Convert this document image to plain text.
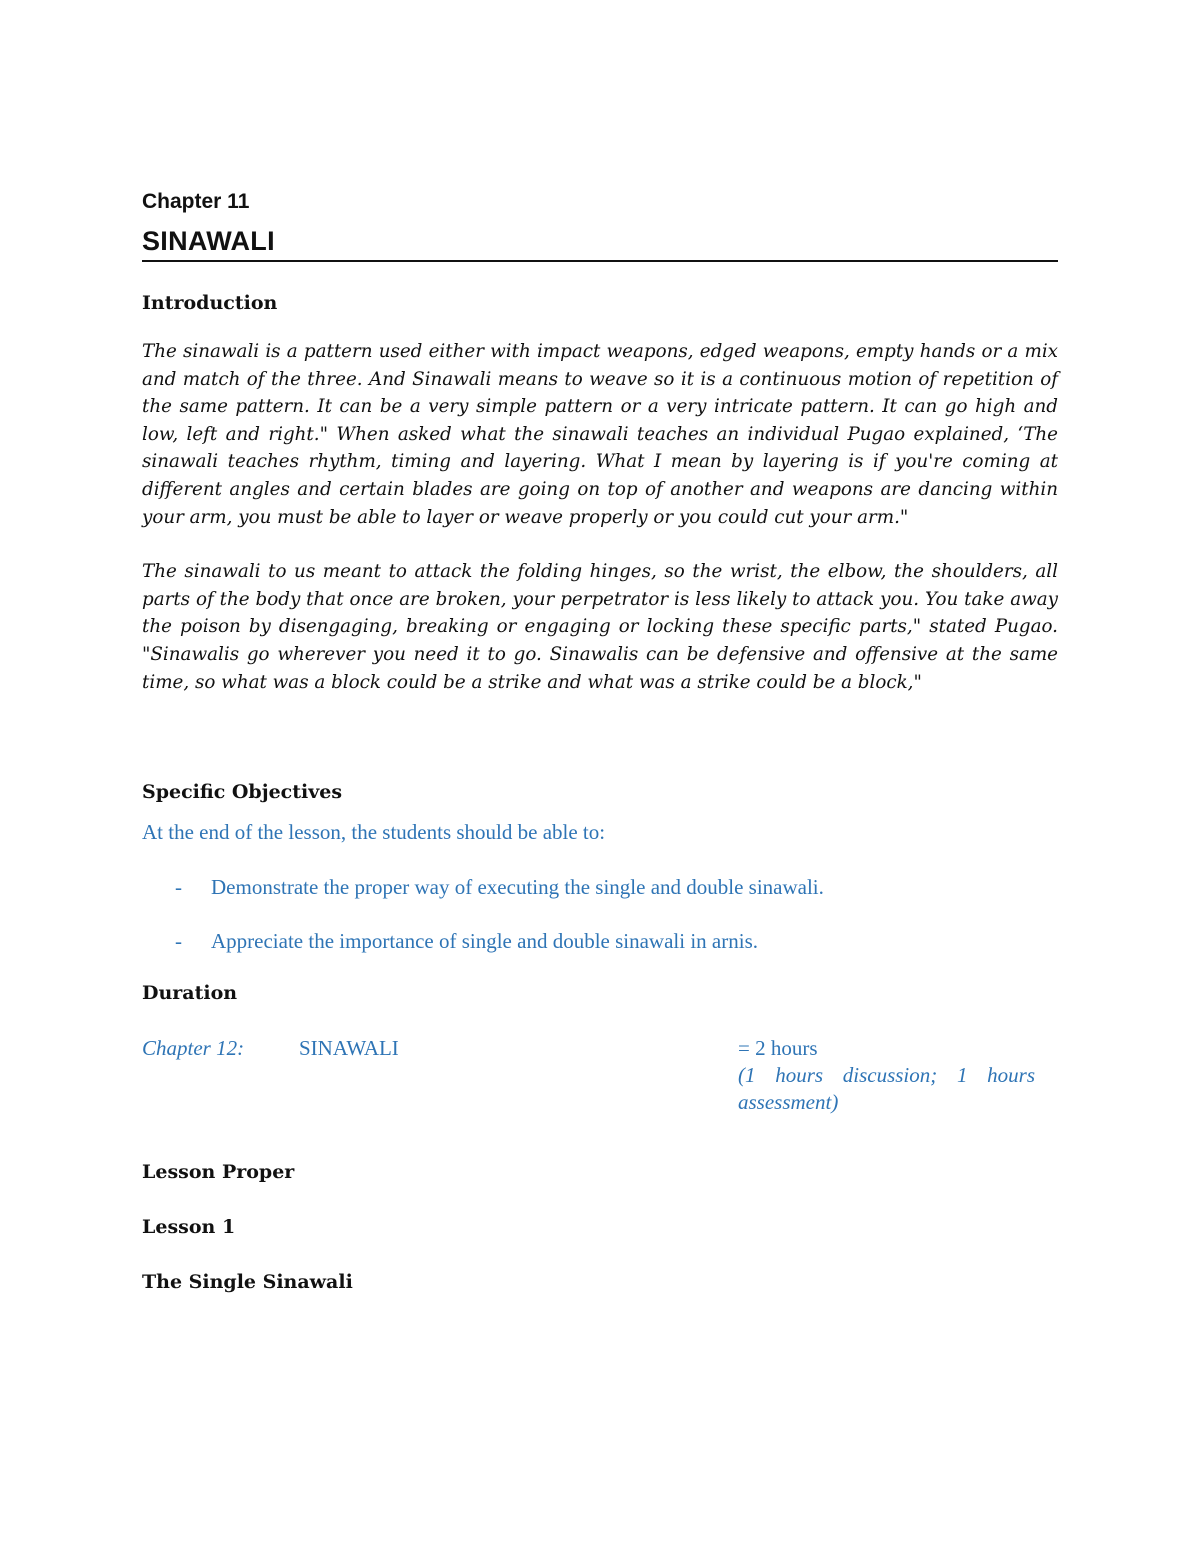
Chapter 11

SINAWALI
Introduction

The sinawali is a pattern used either with impact weapons, edged weapons, empty hands or a mix and match of the three. And Sinawali means to weave so it is a continuous motion of repetition of the same pattern. It can be a very simple pattern or a very intricate pattern. It can go high and low, left and right." When asked what the sinawali teaches an individual Pugao explained, ‘The sinawali teaches rhythm, timing and layering. What I mean by layering is if you're coming at different angles and certain blades are going on top of another and weapons are dancing within your arm, you must be able to layer or weave properly or you could cut your arm."

The sinawali to us meant to attack the folding hinges, so the wrist, the elbow, the shoulders, all parts of the body that once are broken, your perpetrator is less likely to attack you. You take away the poison by disengaging, breaking or engaging or locking these specific parts," stated Pugao. "Sinawalis go wherever you need it to go. Sinawalis can be defensive and offensive at the same time, so what was a block could be a strike and what was a strike could be a block,"

Specific Objectives

At the end of the lesson, the students should be able to:

- Demonstrate the proper way of executing the single and double sinawali.
- Appreciate the importance of single and double sinawali in arnis.
Duration
Chapter 12:	SINAWALI	= 2 hours
(1 hours discussion; 1 hours assessment)
Lesson Proper
Lesson 1
The Single Sinawali
